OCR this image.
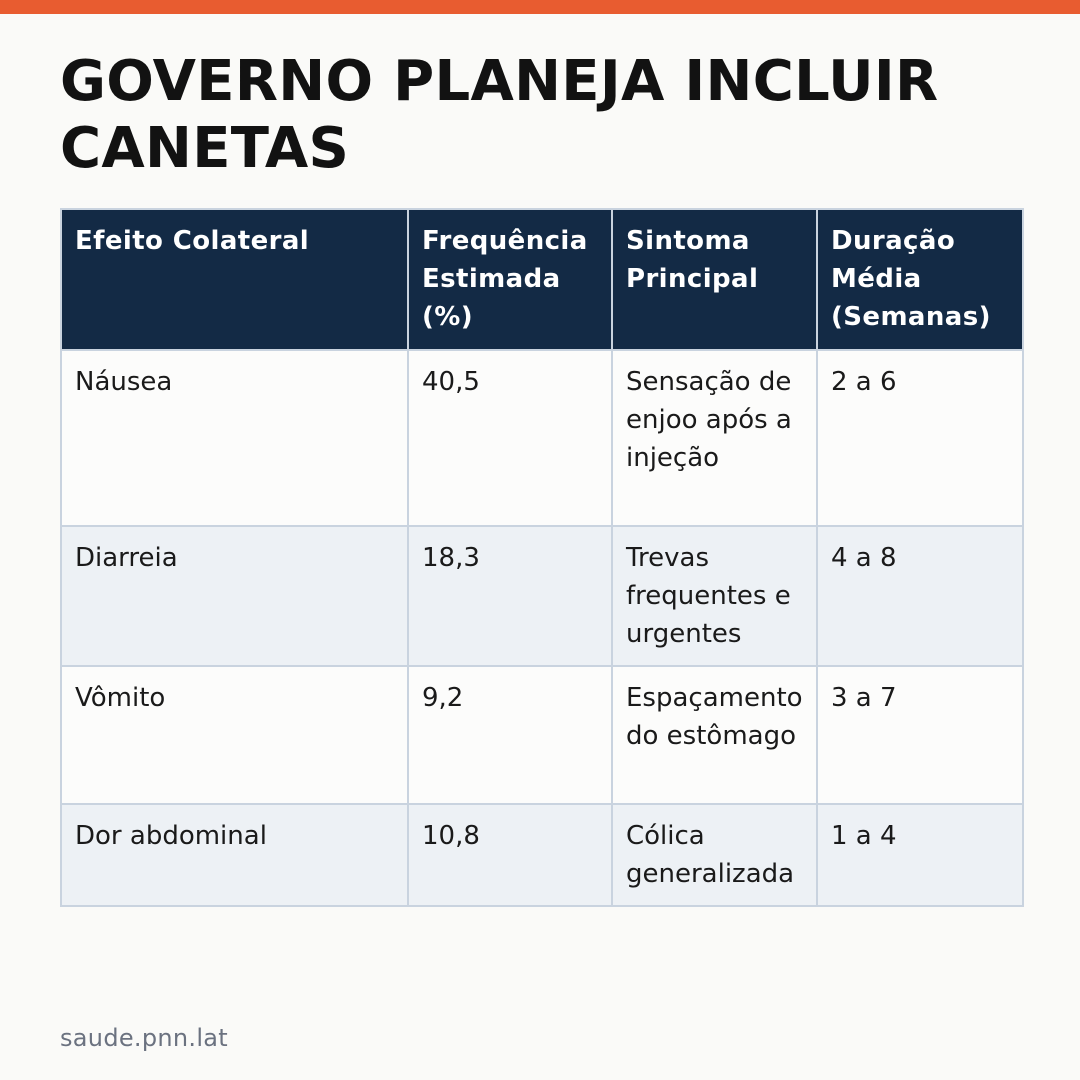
GOVERNO PLANEJA INCLUIR CANETAS
Efeito Colateral	Frequência Estimada (%)	Sintoma Principal	Duração Média (Semanas)
Náusea	40,5	Sensação de enjoo após a injeção	2 a 6
Diarreia	18,3	Trevas frequentes e urgentes	4 a 8
Vômito	9,2	Espaçamento do estômago	3 a 7
Dor abdominal	10,8	Cólica generalizada	1 a 4
saude.pnn.lat
